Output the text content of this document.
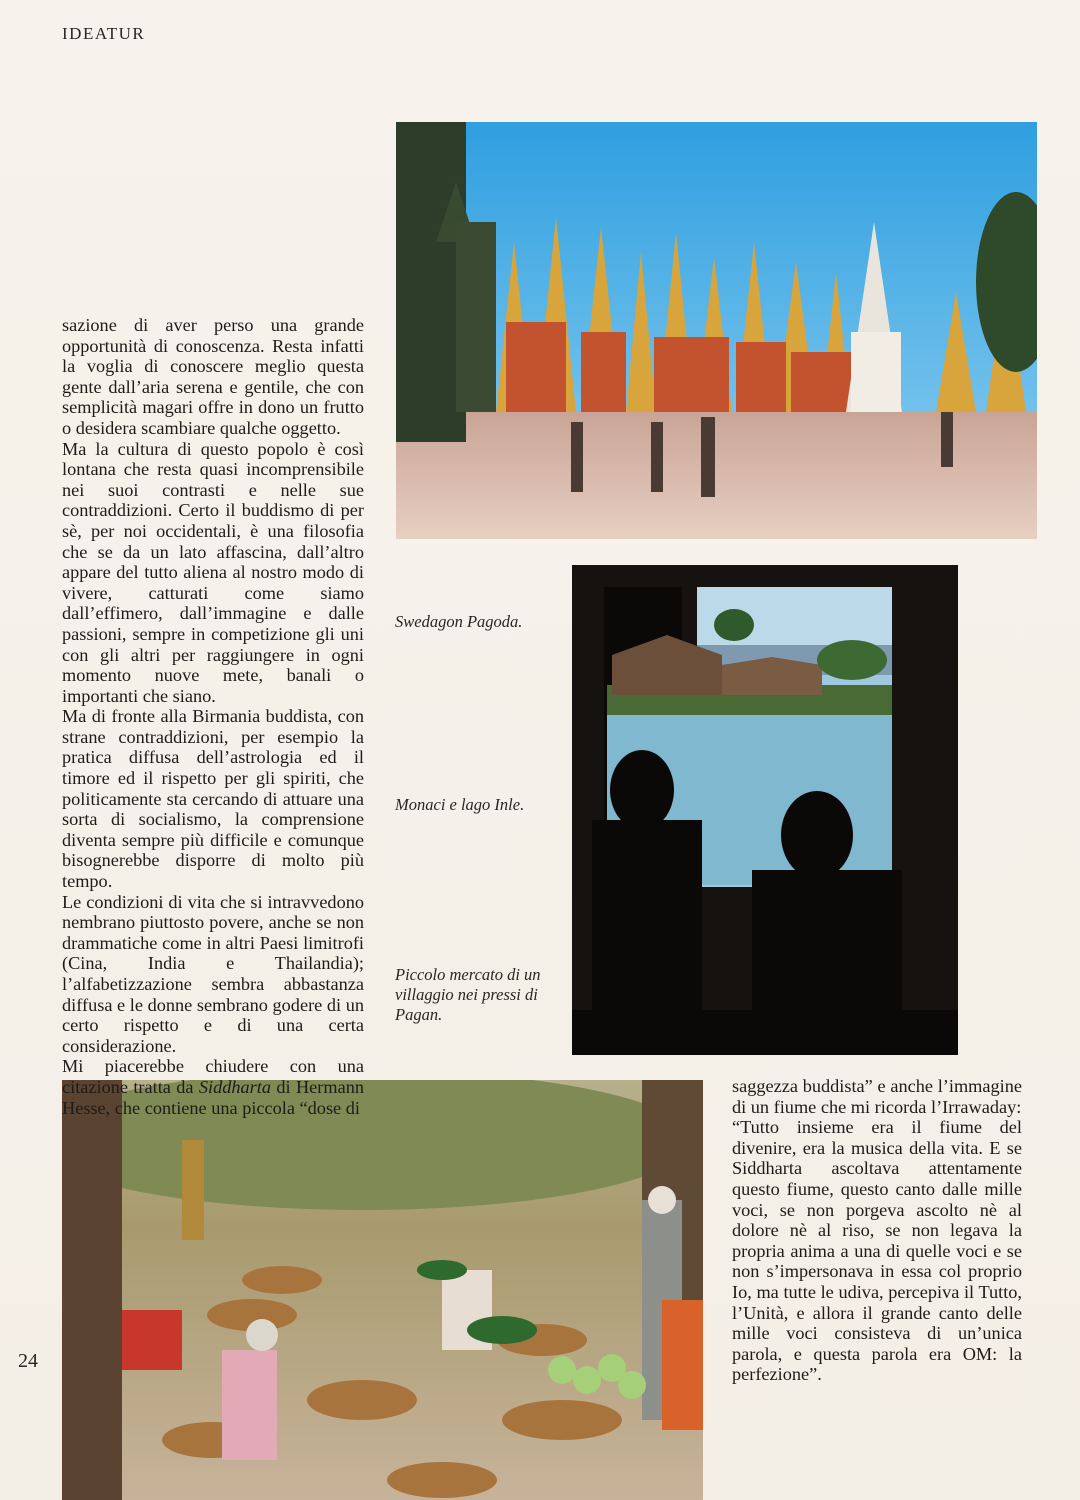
IDEATUR

sazione di aver perso una grande opportunità di conoscenza. Resta infatti la voglia di conoscere meglio questa gente dall’aria serena e gentile, che con semplicità magari offre in dono un frutto o desidera scambiare qualche oggetto.

Ma la cultura di questo popolo è così lontana che resta quasi incomprensibile nei suoi contrasti e nelle sue contraddizioni. Certo il buddismo di per sè, per noi occidentali, è una filosofia che se da un lato affascina, dall’altro appare del tutto aliena al nostro modo di vivere, catturati come siamo dall’effimero, dall’immagine e dalle passioni, sempre in competizione gli uni con gli altri per raggiungere in ogni momento nuove mete, banali o importanti che siano.

Ma di fronte alla Birmania buddista, con strane contraddizioni, per esempio la pratica diffusa dell’astrologia ed il timore ed il rispetto per gli spiriti, che politicamente sta cercando di attuare una sorta di socialismo, la comprensione diventa sempre più difficile e comunque bisognerebbe disporre di molto più tempo.

Le condizioni di vita che si intravvedono nembrano piuttosto povere, anche se non drammatiche come in altri Paesi limitrofi (Cina, India e Thailandia); l’alfabetizzazione sembra abbastanza diffusa e le donne sembrano godere di un certo rispetto e di una certa considerazione.

Mi piacerebbe chiudere con una citazione tratta da Siddharta di Hermann Hesse, che contiene una piccola “dose di

Swedagon Pagoda.
Monaci e lago Inle.
Piccolo mercato di un villaggio nei pressi di Pagan.

saggezza buddista” e anche l’immagine di un fiume che mi ricorda l’Irrawaday:

“Tutto insieme era il fiume del divenire, era la musica della vita. E se Siddharta ascoltava attentamente questo fiume, questo canto dalle mille voci, se non porgeva ascolto nè al dolore nè al riso, se non legava la propria anima a una di quelle voci e se non s’impersonava in essa col proprio Io, ma tutte le udiva, percepiva il Tutto, l’Unità, e allora il grande canto delle mille voci consisteva di un’unica parola, e questa parola era OM: la perfezione”.

24
